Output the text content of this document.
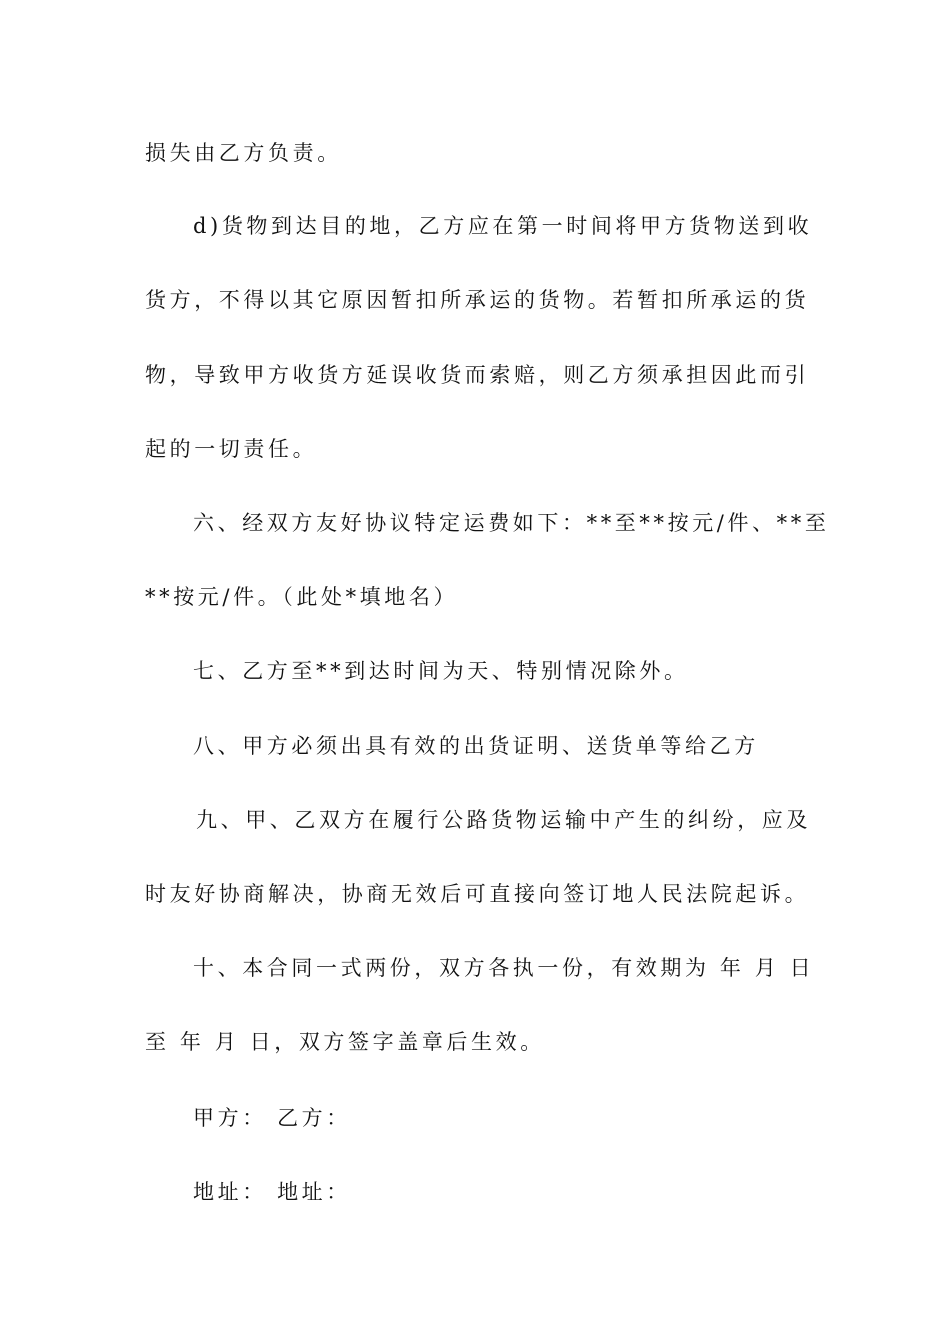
损失由乙方负责。
d)货物到达目的地，乙方应在第一时间将甲方货物送到收
货方，不得以其它原因暂扣所承运的货物。若暂扣所承运的货
物，导致甲方收货方延误收货而索赔，则乙方须承担因此而引
起的一切责任。
六、经双方友好协议特定运费如下：**至**按元/件、**至
**按元/件。（此处*填地名）
七、乙方至**到达时间为天、特别情况除外。
八、甲方必须出具有效的出货证明、送货单等给乙方
九、甲、乙双方在履行公路货物运输中产生的纠纷，应及
时友好协商解决，协商无效后可直接向签订地人民法院起诉。
十、本合同一式两份，双方各执一份，有效期为 年 月 日
至 年 月 日，双方签字盖章后生效。
甲方： 乙方：
地址： 地址：
